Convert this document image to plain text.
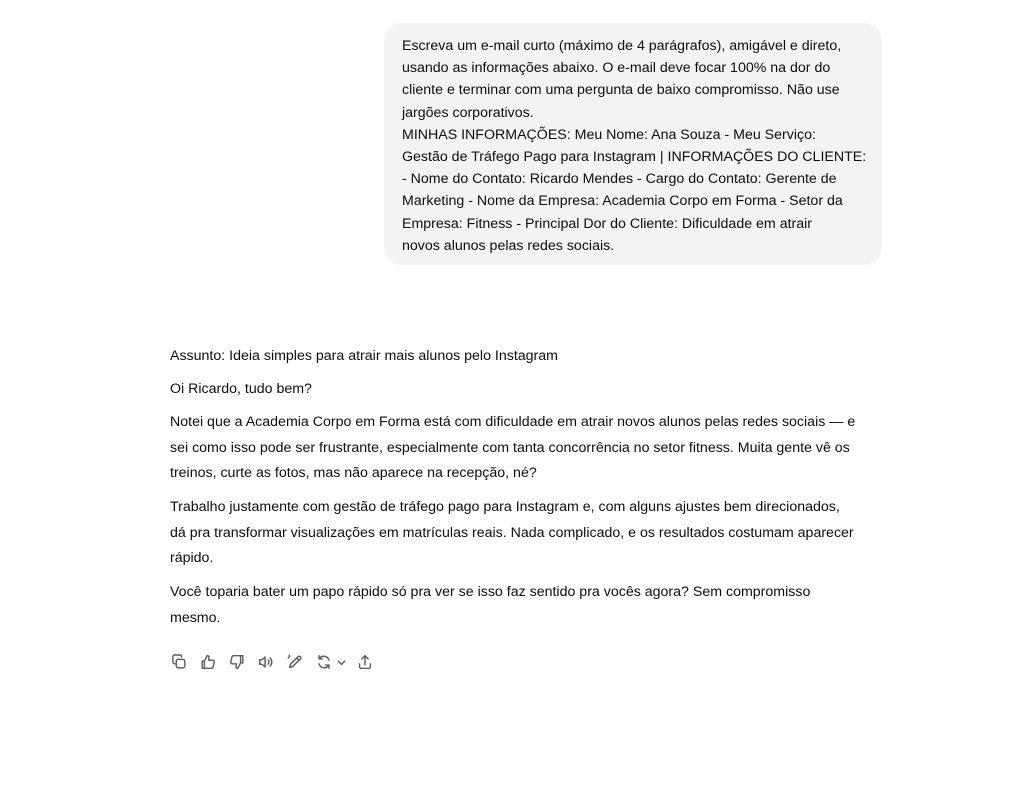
Escreva um e-mail curto (máximo de 4 parágrafos), amigável e direto,
usando as informações abaixo. O e-mail deve focar 100% na dor do
cliente e terminar com uma pergunta de baixo compromisso. Não use
jargões corporativos.
MINHAS INFORMAÇÕES: Meu Nome: Ana Souza - Meu Serviço:
Gestão de Tráfego Pago para Instagram | INFORMAÇÕES DO CLIENTE:
- Nome do Contato: Ricardo Mendes - Cargo do Contato: Gerente de
Marketing - Nome da Empresa: Academia Corpo em Forma - Setor da
Empresa: Fitness - Principal Dor do Cliente: Dificuldade em atrair
novos alunos pelas redes sociais.

Assunto: Ideia simples para atrair mais alunos pelo Instagram

Oi Ricardo, tudo bem?

Notei que a Academia Corpo em Forma está com dificuldade em atrair novos alunos pelas redes sociais — e
sei como isso pode ser frustrante, especialmente com tanta concorrência no setor fitness. Muita gente vê os
treinos, curte as fotos, mas não aparece na recepção, né?

Trabalho justamente com gestão de tráfego pago para Instagram e, com alguns ajustes bem direcionados,
dá pra transformar visualizações em matrículas reais. Nada complicado, e os resultados costumam aparecer
rápido.

Você toparia bater um papo rápido só pra ver se isso faz sentido pra vocês agora? Sem compromisso
mesmo.
